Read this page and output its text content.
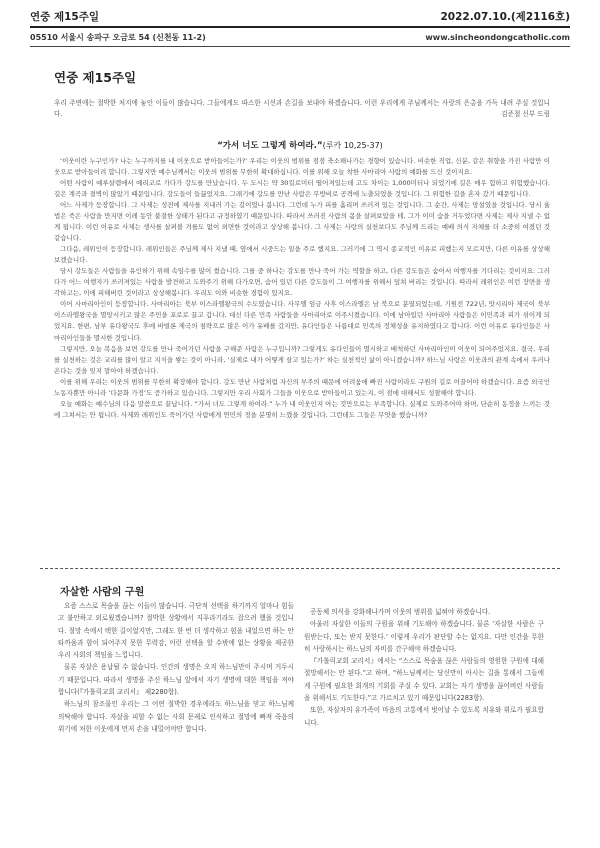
연중 제15주일	2022.07.10.(제2116호)
05510 서울시 송파구 오금로 54 (신천동 11-2)	www.sincheondongcatholic.com
연중 제15주일

우리 주변에는 절박한 처지에 놓인 이들이 많습니다. 그들에게도 따스한 시선과 손길을 보내야 하겠습니다. 이런 우리에게 주님께서는 사랑의 은총을 가득 내려 주실 것입니다.	김준철 신부 드림
“가서 너도 그렇게 하여라.”(루카 10,25-37)

‘이웃이란 누구인가? 나는 누구까지를 내 이웃으로 받아들이는가?’ 우리는 이웃의 범위를 점점 축소해나가는 경향이 있습니다. 비슷한 직업, 신분, 같은 취향을 가진 사람만 이웃으로 받아들이려 합니다. 그렇지만 예수님께서는 이웃의 범위를 무한히 확대하십니다. 이를 위해 오늘 착한 사마리아 사람의 예화를 드신 것이지요.

어떤 사람이 예루살렘에서 예리코로 가다가 강도를 만났습니다. 두 도시는 약 30킬로미터 떨어져있는데 고도 차이는 1,000미터나 되었기에 길은 매우 험하고 위험했습니다. 길은 계곡과 절벽이 많았기 때문입니다. 강도들이 들끓었지요. 그래기에 강도를 만난 사람은 무방비로 공격에 노출되었을 것입니다. 그 위험한 길을 혼자 갔기 때문입니다.

어느 사제가 등장합니다. 그 사제는 성전에 제사를 지내러 가는 길이었나 봅니다. 그런데 누가 피를 흘리며 쓰러져 있는 것입니다. 그 순간, 사제는 망설였을 것입니다. 당시 율법은 죽은 사람을 만지면 이레 동안 불결한 상태가 된다고 규정하였기 때문입니다. 따라서 쓰러진 사람의 몸을 살펴보았을 테, 그가 이미 숨을 거두었다면 사제는 제사 지낼 수 없게 됩니다. 이런 이유로 사제는 생사를 살펴볼 겨를도 없이 외면한 것이라고 상상해 봅니다. 그 사제는 사랑의 실천보다도 주님께 드리는 예배 의식 자체를 더 소중히 여겼던 것 같습니다.

그다음, 레위인이 등장합니다. 레위인들은 주님께 제사 지낼 때, 옆에서 시중드는 일을 주로 했지요. 그러기에 그 역시 종교적인 이유로 피했는지 모르지만, 다른 이유를 상상해보겠습니다.

당시 강도들은 사람들을 유인하기 위해 속임수를 많이 썼습니다. 그를 중 하나는 강도를 만나 죽어 가는 역할을 하고, 다른 강도들은 숨어서 여행자를 기다리는 것이지요. 그러다가 어느 여행자가 쓰러져있는 사람을 발견하고 도와주기 위해 다가오면, 숨어 있던 다른 강도들이 그 여행자를 위해서 덮쳐 버리는 것입니다. 따라서 레위인은 이런 장면을 생각하고는, 이에 피해버린 것이라고 상상해봅니다. 우리도 이와 비슷한 경험이 있지요.

이어 사마리아인이 등장합니다. 사마리아는 북부 이스라엘왕국의 수도였습니다. 사무엘 임금 사후 이스라엘은 남 북으로 분열되었는데, 기원전 722년, 앗시리아 제국이 북부 이스라엘왕국을 멸망시키고 많은 주민을 포로로 끌고 갑니다. 대신 다른 민족 사람들을 사마리아로 이주시켰습니다. 이에 남아있던 사마리아 사람들은 이민족과 피가 섞이게 되었지요. 한편, 남부 유다왕국도 후에 바빌론 제국의 침략으로 많은 이가 유배를 갔지만, 유다인들은 나름대로 민족의 정체성을 유지하였다고 합니다. 이런 이유로 유다인들은 사마리아인들을 멸시한 것입니다.

그렇지만, 오늘 복음을 보면 강도를 만나 죽어가던 사람을 구해준 사람은 누구입니까? 그렇게도 유다인들이 멸시하고 배척하던 사마리아인이 이웃이 되어주었지요. 결국, 우리를 실천하는 것은 교리를 많이 알고 지식을 쌓는 것이 아니라, ‘실제로 내가 어떻게 살고 있는가?’ 하는 실천적인 삶이 아니겠습니까? 하느님 사랑은 이웃과의 관계 속에서 우러나온다는 것을 잊지 말아야 하겠습니다.

이를 위해 우리는 이웃의 범위를 무한히 확장해야 합니다. 강도 만난 사람처럼 자신의 부주의 때문에 어려움에 빠진 사람이라도 구원의 길로 이끌어야 하겠습니다. 요즘 외국인 노동자뿐만 아니라 ‘다문화 가정’도 증가하고 있습니다. 그렇지만 우리 사회가 그들을 이웃으로 받아들이고 있는지, 이 점에 대해서도 성찰해야 합니다.

오늘 예화는 예수님의 다음 말씀으로 끝납니다. “가서 너도 그렇게 하여라.” 누가 내 이웃인지 아는 것만으로는 부족합니다. 실제로 도와주어야 하며, 단순히 동정을 느끼는 것에 그쳐서는 안 됩니다. 사제와 레위인도 죽어가던 사람에게 연민의 정을 분명히 느꼈을 것입니다. 그런데도 그들은 무엇을 했습니까?

자살한 사람의 구원

요즘 스스로 목숨을 끊는 이들이 많습니다. 극단적 선택을 하기까지 얼마나 힘들고 불안하고 외로웠겠습니까? 절박한 상황에서 지푸라기라도 잡으려 했을 것입니다. 절망 속에서 택한 길이었지만, 그래도 한 번 더 생각하고 힘을 내었으면 하는 안타까움과 함이 되어주지 못한 무력감, 이런 선택을 할 수밖에 없는 상황을 제공한 우리 사회의 책임을 느낍니다.

물론 자살은 용납될 수 없습니다. 인간의 생명은 오직 하느님만이 주시며 거두시기 때문입니다. 따라서 생명을 주신 하느님 앞에서 자기 생명에 대한 책임을 져야 합니다(『가톨릭교회 교리서』 제2280항).

하느님의 참조물인 우리는 그 어떤 절박한 경우에라도 하느님을 믿고 하느님께 의탁해야 합니다. 자살을 피할 수 없는 사회 문제로 인식하고 절망에 빠져 죽음의 위기에 처한 이웃에게 먼저 손을 내밀어야만 합니다.

공동체 의식을 강화해나가며 이웃의 범위를 넓혀야 하겠습니다.

아울러 자살한 이들의 구원을 위해 기도해야 하겠습니다. 물론 ‘자살한 사람은 구원받는다, 또는 받지 못한다.’ 이렇게 우리가 판단할 수는 없지요. 다만 인간을 무한히 사랑하시는 하느님의 자비를 간구해야 하겠습니다.

『가톨릭교회 교리서』에서는 “스스로 목숨을 끊은 사람들의 영원한 구원에 대해 절망해서는 안 된다.”고 하며, “하느님께서는 당신만이 아시는 길을 통해서 그들에게 구원에 필요한 회개의 기회를 주실 수 있다. 교회는 자기 생명을 끊어버린 사람들을 위해서도 기도한다.”고 가르치고 있기 때문입니다(2283항).

또한, 자살자의 유가족이 마음의 고통에서 벗어날 수 있도록 치유와 위로가 필요합니다.
